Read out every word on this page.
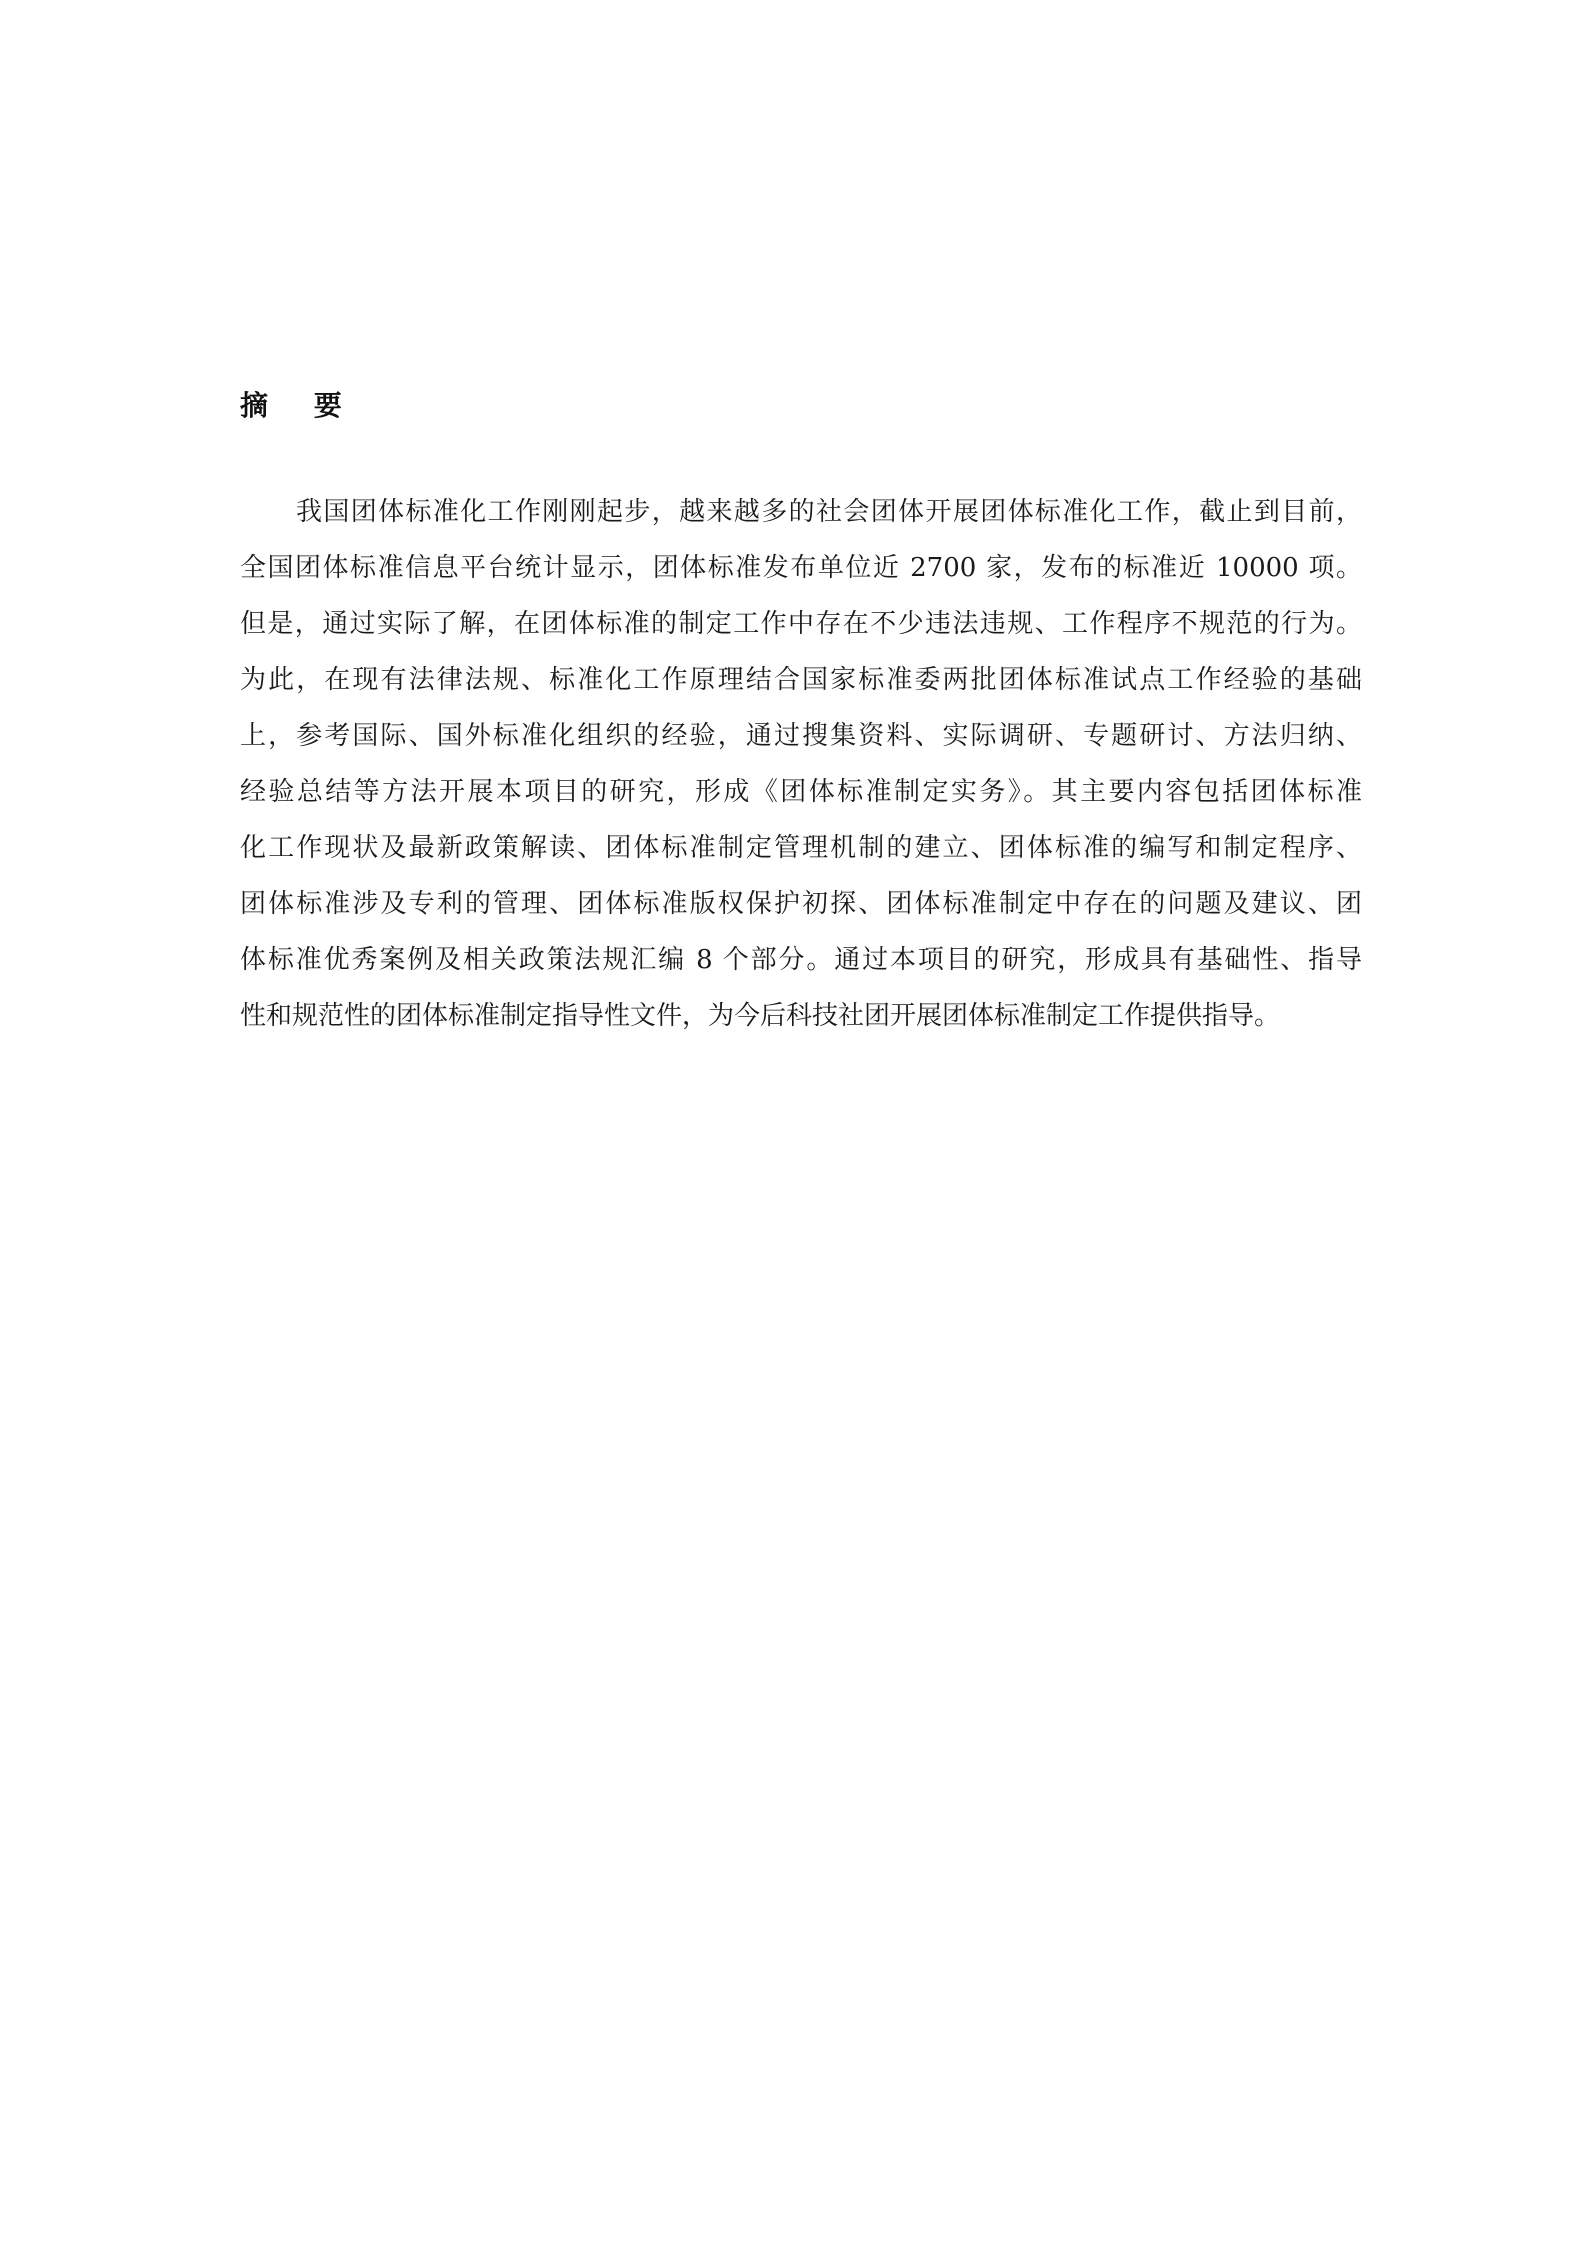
摘 要
我国团体标准化工作刚刚起步，越来越多的社会团体开展团体标准化工作，截止到目前，
全国团体标准信息平台统计显示，团体标准发布单位近 2700 家，发布的标准近 10000 项。
但是，通过实际了解，在团体标准的制定工作中存在不少违法违规、工作程序不规范的行为。
为此，在现有法律法规、标准化工作原理结合国家标准委两批团体标准试点工作经验的基础
上，参考国际、国外标准化组织的经验，通过搜集资料、实际调研、专题研讨、方法归纳、
经验总结等方法开展本项目的研究，形成《团体标准制定实务》。其主要内容包括团体标准
化工作现状及最新政策解读、团体标准制定管理机制的建立、团体标准的编写和制定程序、
团体标准涉及专利的管理、团体标准版权保护初探、团体标准制定中存在的问题及建议、团
体标准优秀案例及相关政策法规汇编 8 个部分。通过本项目的研究，形成具有基础性、指导
性和规范性的团体标准制定指导性文件，为今后科技社团开展团体标准制定工作提供指导。
